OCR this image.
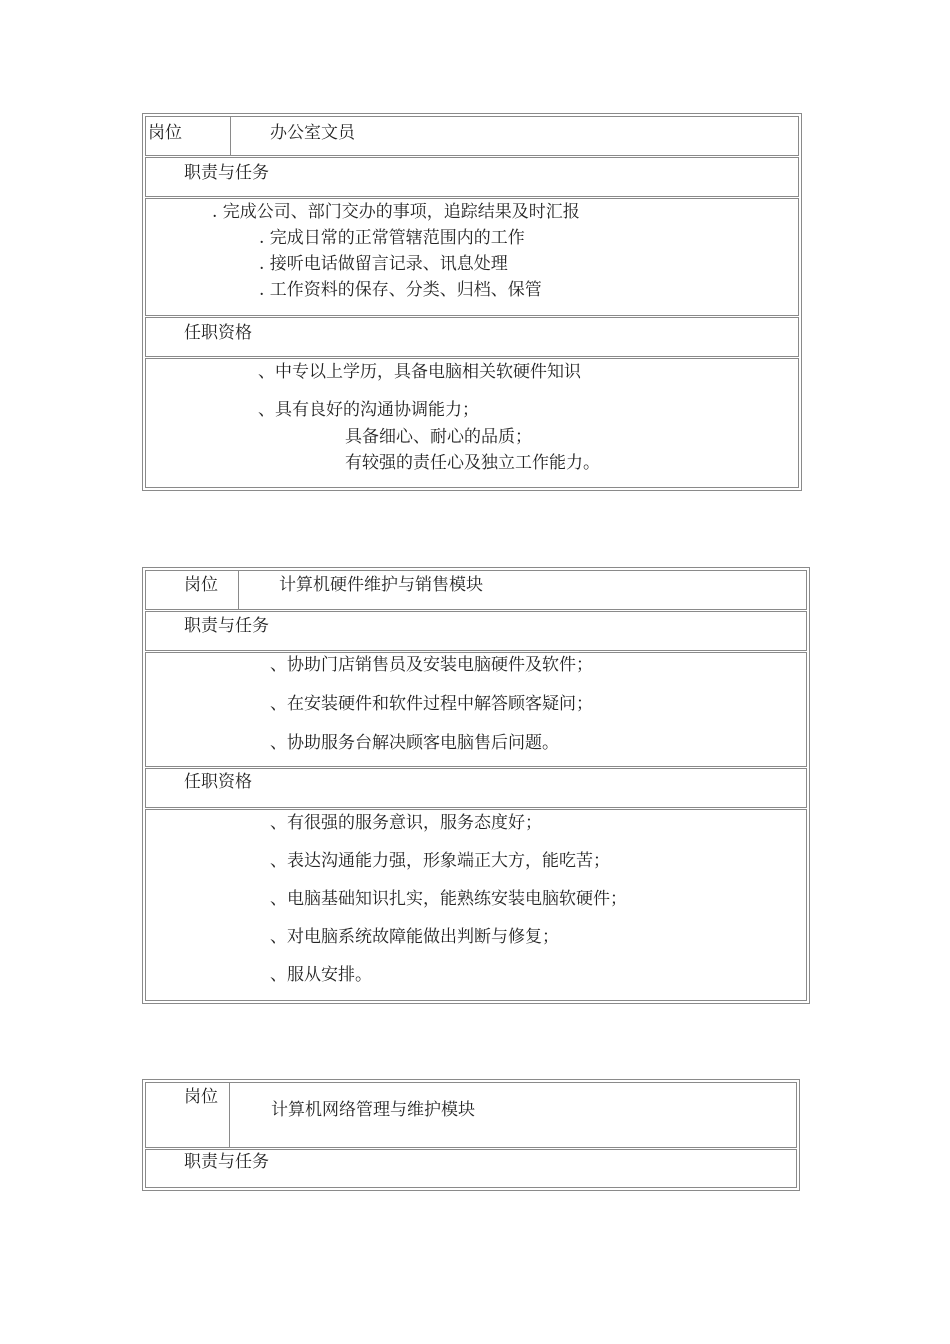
岗位	办公室文员
职责与任务
. 完成公司、部门交办的事项，追踪结果及时汇报
. 完成日常的正常管辖范围内的工作
. 接听电话做留言记录、讯息处理
. 工作资料的保存、分类、归档、保管
任职资格
、中专以上学历，具备电脑相关软硬件知识
、具有良好的沟通协调能力；
具备细心、耐心的品质；
有较强的责任心及独立工作能力。
岗位	计算机硬件维护与销售模块
职责与任务
、协助门店销售员及安装电脑硬件及软件；
、在安装硬件和软件过程中解答顾客疑问；
、协助服务台解决顾客电脑售后问题。
任职资格
、有很强的服务意识，服务态度好；
、表达沟通能力强，形象端正大方，能吃苦；
、电脑基础知识扎实，能熟练安装电脑软硬件；
、对电脑系统故障能做出判断与修复；
、服从安排。
岗位
计算机网络管理与维护模块
职责与任务
